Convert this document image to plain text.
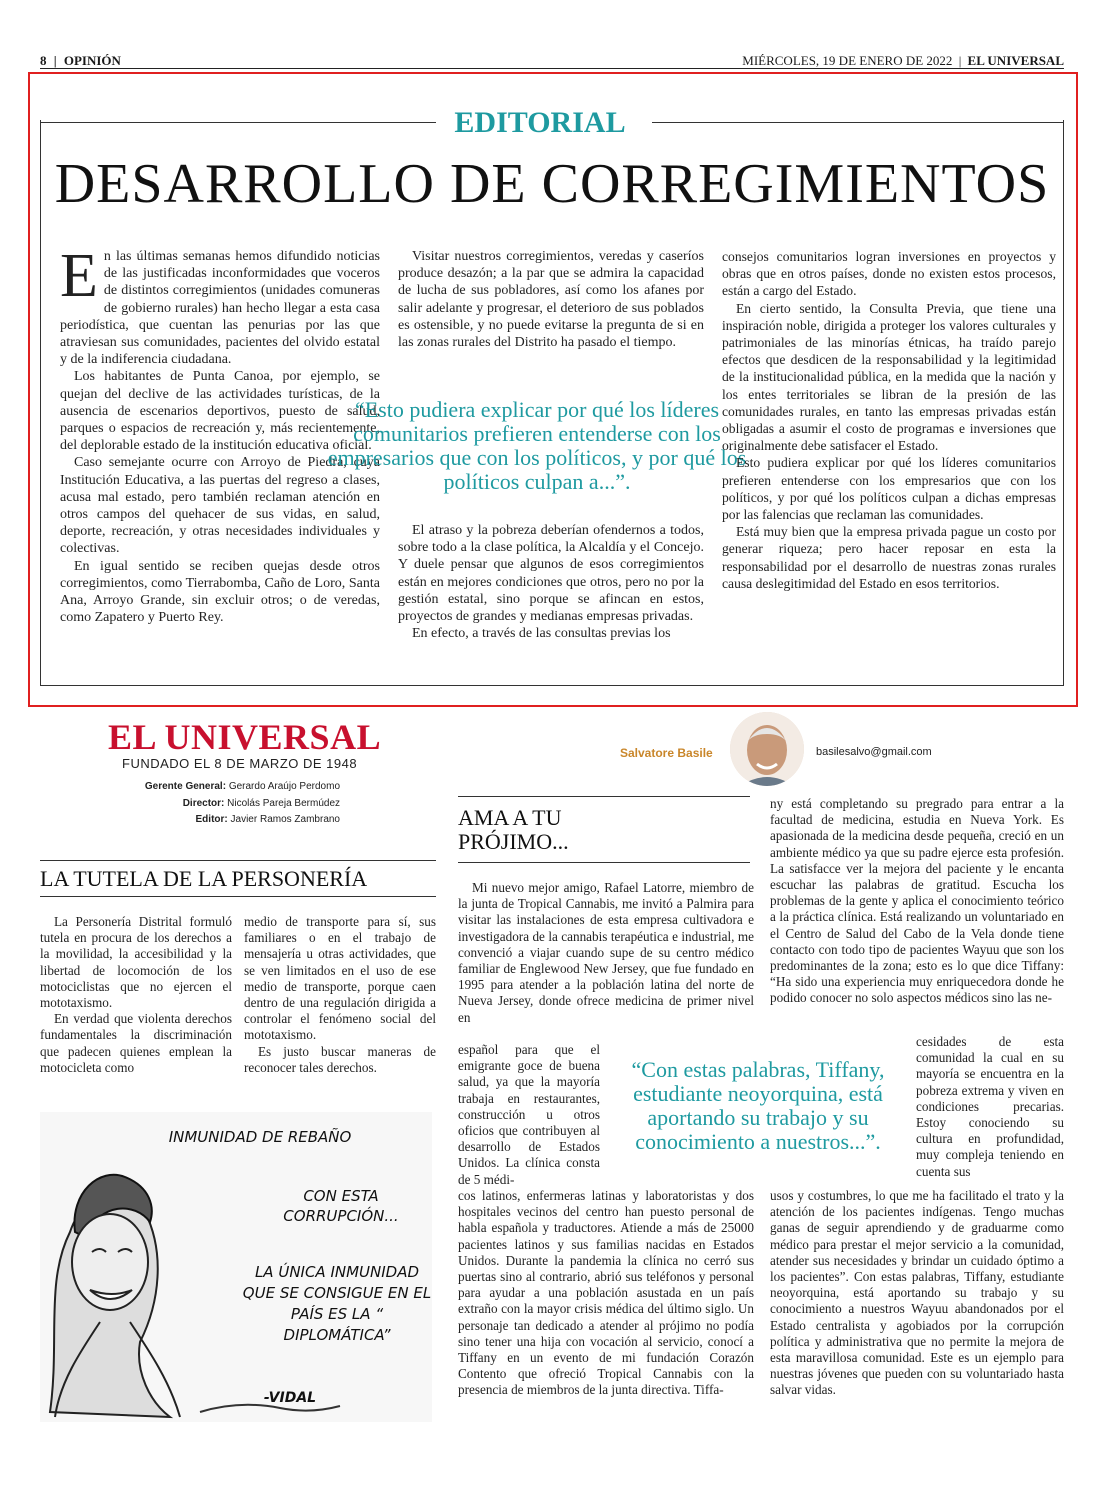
8 | OPINIÓN	MIÉRCOLES, 19 DE ENERO DE 2022 | EL UNIVERSAL
EDITORIAL
DESARROLLO DE CORREGIMIENTOS

En las últimas semanas hemos difundido noticias de las justificadas inconformidades que voceros de distintos corregimientos (unidades comuneras de gobierno rurales) han hecho llegar a esta casa periodística, que cuentan las penurias por las que atraviesan sus comunidades, pacientes del olvido estatal y de la indiferencia ciudadana.

Los habitantes de Punta Canoa, por ejemplo, se quejan del declive de las actividades turísticas, de la ausencia de escenarios deportivos, puesto de salud, parques o espacios de recreación y, más recientemente, del deplorable estado de la institución educativa oficial.

Caso semejante ocurre con Arroyo de Piedra, cuya Institución Educativa, a las puertas del regreso a clases, acusa mal estado, pero también reclaman atención en otros campos del quehacer de sus vidas, en salud, deporte, recreación, y otras necesidades individuales y colectivas.

En igual sentido se reciben quejas desde otros corregimientos, como Tierrabomba, Caño de Loro, Santa Ana, Arroyo Grande, sin excluir otros; o de veredas, como Zapatero y Puerto Rey.

Visitar nuestros corregimientos, veredas y caseríos produce desazón; a la par que se admira la capacidad de lucha de sus pobladores, así como los afanes por salir adelante y progresar, el deterioro de sus poblados es ostensible, y no puede evitarse la pregunta de si en las zonas rurales del Distrito ha pasado el tiempo.

“Esto pudiera explicar por qué los líderes comunitarios prefieren entenderse con los empresarios que con los políticos, y por qué los políticos culpan a...”.

El atraso y la pobreza deberían ofendernos a todos, sobre todo a la clase política, la Alcaldía y el Concejo. Y duele pensar que algunos de esos corregimientos están en mejores condiciones que otros, pero no por la gestión estatal, sino porque se afincan en estos, proyectos de grandes y medianas empresas privadas.

En efecto, a través de las consultas previas los

consejos comunitarios logran inversiones en proyectos y obras que en otros países, donde no existen estos procesos, están a cargo del Estado.

En cierto sentido, la Consulta Previa, que tiene una inspiración noble, dirigida a proteger los valores culturales y patrimoniales de las minorías étnicas, ha traído parejo efectos que desdicen de la responsabilidad y la legitimidad de la institucionalidad pública, en la medida que la nación y los entes territoriales se libran de la presión de las comunidades rurales, en tanto las empresas privadas están obligadas a asumir el costo de programas e inversiones que originalmente debe satisfacer el Estado.

Esto pudiera explicar por qué los líderes comunitarios prefieren entenderse con los empresarios que con los políticos, y por qué los políticos culpan a dichas empresas por las falencias que reclaman las comunidades.

Está muy bien que la empresa privada pague un costo por generar riqueza; pero hacer reposar en esta la responsabilidad por el desarrollo de nuestras zonas rurales causa deslegitimidad del Estado en esos territorios.

EL UNIVERSAL
FUNDADO EL 8 DE MARZO DE 1948
Gerente General: Gerardo Araújo Perdomo
Director: Nicolás Pareja Bermúdez
Editor: Javier Ramos Zambrano
LA TUTELA DE LA PERSONERÍA

La Personería Distrital formuló tutela en procura de los derechos a la movilidad, la accesibilidad y la libertad de locomoción de los motociclistas que no ejercen el mototaxismo.

En verdad que violenta derechos fundamentales la discriminación que padecen quienes emplean la motocicleta como

medio de transporte para sí, sus familiares o en el trabajo de mensajería u otras actividades, que se ven limitados en el uso de ese medio de transporte, porque caen dentro de una regulación dirigida a controlar el fenómeno social del mototaxismo.

Es justo buscar maneras de reconocer tales derechos.

INMUNIDAD DE REBAÑO
CON ESTA CORRUPCIÓN...
LA ÚNICA INMUNIDAD QUE SE CONSIGUE EN EL PAÍS ES LA “ DIPLOMÁTICA”
-VIDAL
Salvatore Basile	basilesalvo@gmail.com
AMA A TU PRÓJIMO...

Mi nuevo mejor amigo, Rafael Latorre, miembro de la junta de Tropical Cannabis, me invitó a Palmira para visitar las instalaciones de esta empresa cultivadora e investigadora de la cannabis terapéutica e industrial, me convenció a viajar cuando supe de su centro médico familiar de Englewood New Jersey, que fue fundado en 1995 para atender a la población latina del norte de Nueva Jersey, donde ofrece medicina de primer nivel en

español para que el emigrante goce de buena salud, ya que la mayoría trabaja en restaurantes, construcción u otros oficios que contribuyen al desarrollo de Estados Unidos. La clínica consta de 5 médi-

cos latinos, enfermeras latinas y laboratoristas y dos hospitales vecinos del centro han puesto personal de habla española y traductores. Atiende a más de 25000 pacientes latinos y sus familias nacidas en Estados Unidos. Durante la pandemia la clínica no cerró sus puertas sino al contrario, abrió sus teléfonos y personal para ayudar a una población asustada en un país extraño con la mayor crisis médica del último siglo. Un personaje tan dedicado a atender al prójimo no podía sino tener una hija con vocación al servicio, conocí a Tiffany en un evento de mi fundación Corazón Contento que ofreció Tropical Cannabis con la presencia de miembros de la junta directiva. Tiffa-

ny está completando su pregrado para entrar a la facultad de medicina, estudia en Nueva York. Es apasionada de la medicina desde pequeña, creció en un ambiente médico ya que su padre ejerce esta profesión. La satisfacce ver la mejora del paciente y le encanta escuchar las palabras de gratitud. Escucha los problemas de la gente y aplica el conocimiento teórico a la práctica clínica. Está realizando un voluntariado en el Centro de Salud del Cabo de la Vela donde tiene contacto con todo tipo de pacientes Wayuu que son los predominantes de la zona; esto es lo que dice Tiffany: “Ha sido una experiencia muy enriquecedora donde he podido conocer no solo aspectos médicos sino las ne-

cesidades de esta comunidad la cual en su mayoría se encuentra en la pobreza extrema y viven en condiciones precarias. Estoy conociendo su cultura en profundidad, muy compleja teniendo en cuenta sus

usos y costumbres, lo que me ha facilitado el trato y la atención de los pacientes indígenas. Tengo muchas ganas de seguir aprendiendo y de graduarme como médico para prestar el mejor servicio a la comunidad, atender sus necesidades y brindar un cuidado óptimo a los pacientes”. Con estas palabras, Tiffany, estudiante neoyorquina, está aportando su trabajo y su conocimiento a nuestros Wayuu abandonados por el Estado centralista y agobiados por la corrupción política y administrativa que no permite la mejora de esta maravillosa comunidad. Este es un ejemplo para nuestras jóvenes que pueden con su voluntariado hasta salvar vidas.

“Con estas palabras, Tiffany, estudiante neoyorquina, está aportando su trabajo y su conocimiento a nuestros...”.
